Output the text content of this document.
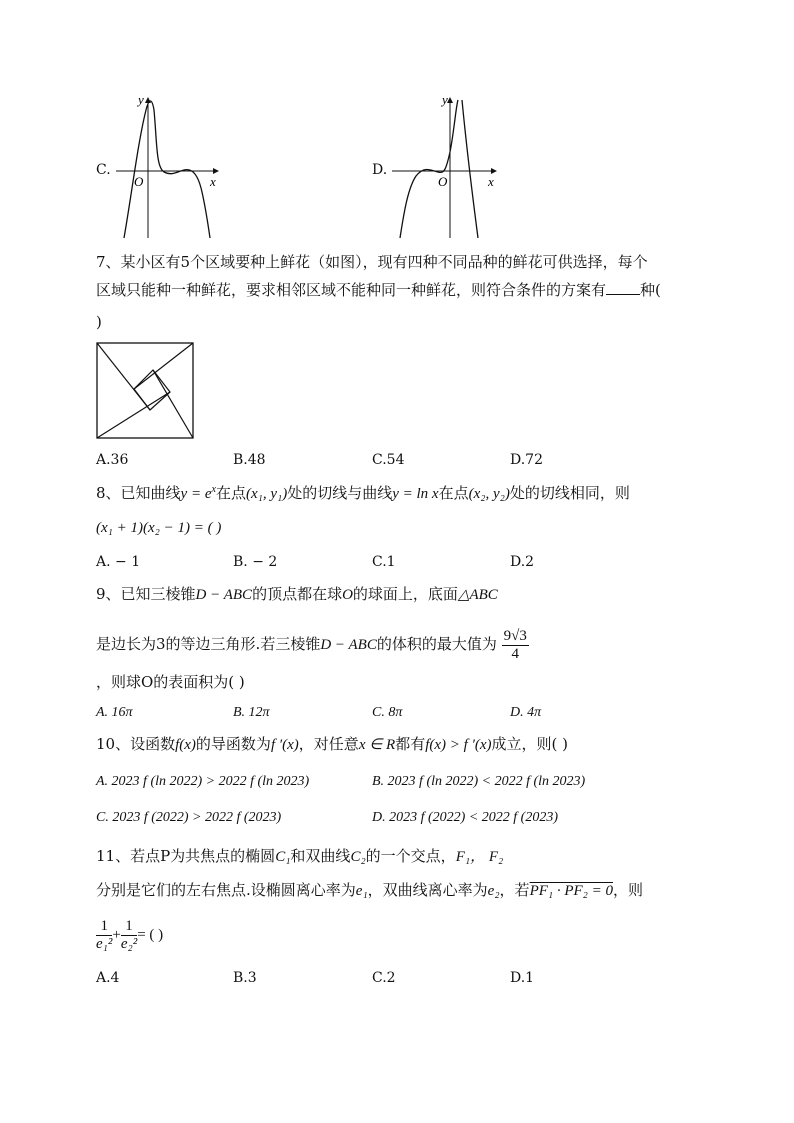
C.
y
x
O
D.
y
x
O
7、某小区有5个区域要种上鲜花（如图），现有四种不同品种的鲜花可供选择，每个
区域只能种一种鲜花，要求相邻区域不能种同一种鲜花，则符合条件的方案有 种(
)
A.36	B.48	C.54	D.72
8、已知曲线$y = e^x$在点(x₁, y₁)处的切线与曲线y = ln x在点(x₂, y₂)处的切线相同，则
(x₁ + 1)(x₂ − 1) = ( )
A. − 1	B. − 2	C.1	D.2
9、已知三棱锥D − ABC的顶点都在球O的球面上，底面△ABC
是边长为3的等边三角形.若三棱锥D − ABC的体积的最大值为 $\frac{9√3}{4}$
，则球O的表面积为( )
A. 16π	B. 12π	C. 8π	D. 4π
10、设函数f(x)的导函数为f ′(x)，对任意x ∈ R都有f(x) > f ′(x)成立，则( )
A. 2023 f (ln 2022) > 2022 f (ln 2023)	B. 2023 f (ln 2022) < 2022 f (ln 2023)
C. 2023 f (2022) > 2022 f (2023)	D. 2023 f (2022) < 2022 f (2023)
11、若点P为共焦点的椭圆C₁和双曲线C₂的一个交点，F₁， F₂
分别是它们的左右焦点.设椭圆离心率为e₁，双曲线离心率为e₂，若PF₁ · PF₂ = 0，则
$\frac{1}{\text{e₁²}} + \frac{1}{\text{e₂²}}$ = ( )
A.4	B.3	C.2	D.1
